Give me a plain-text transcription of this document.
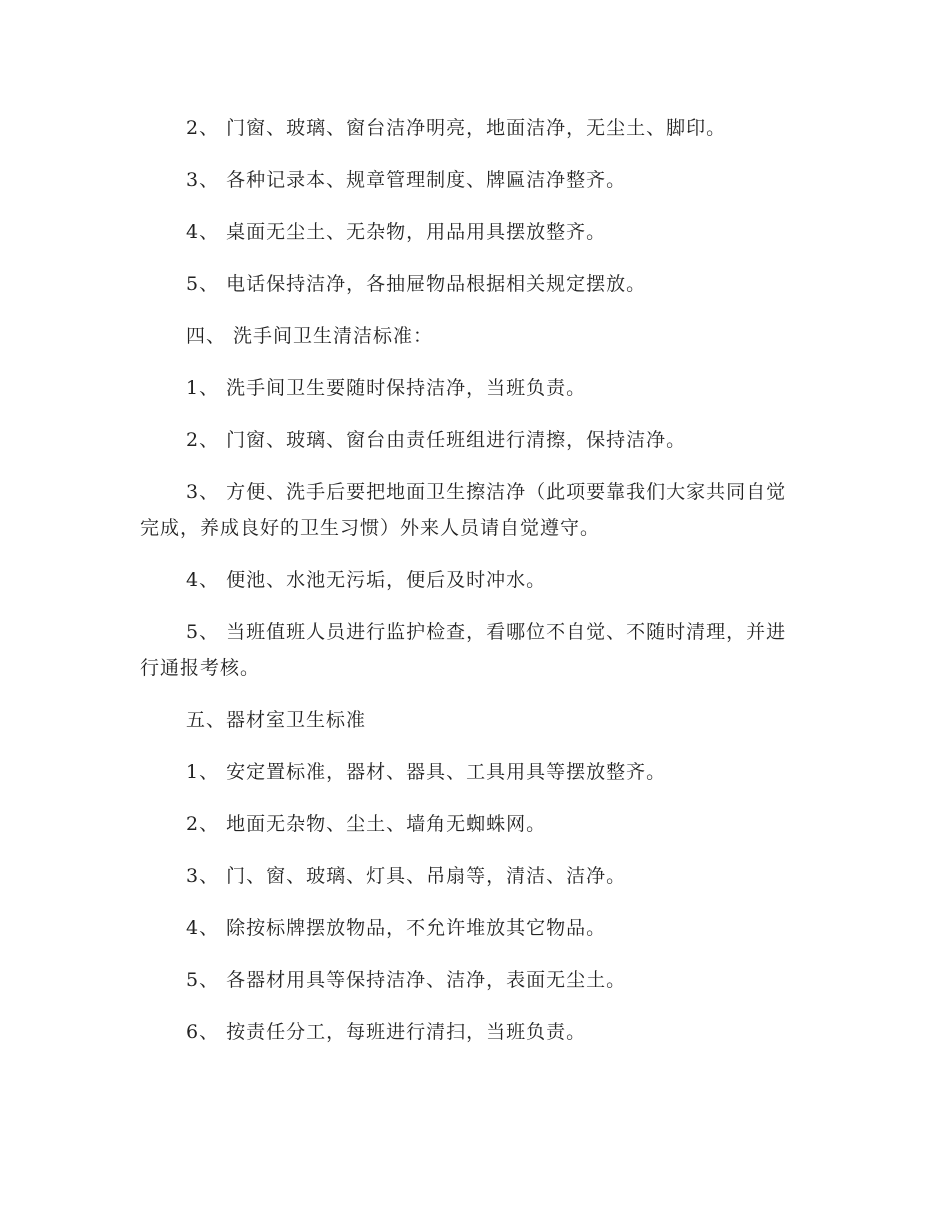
2、 门窗、玻璃、窗台洁净明亮，地面洁净，无尘土、脚印。

3、 各种记录本、规章管理制度、牌匾洁净整齐。

4、 桌面无尘土、无杂物，用品用具摆放整齐。

5、 电话保持洁净，各抽屉物品根据相关规定摆放。

四、 洗手间卫生清洁标准：

1、 洗手间卫生要随时保持洁净，当班负责。

2、 门窗、玻璃、窗台由责任班组进行清擦，保持洁净。

3、 方便、洗手后要把地面卫生擦洁净（此项要靠我们大家共同自觉完成，养成良好的卫生习惯）外来人员请自觉遵守。

4、 便池、水池无污垢，便后及时冲水。

5、 当班值班人员进行监护检查，看哪位不自觉、不随时清理，并进行通报考核。

五、器材室卫生标准

1、 安定置标准，器材、器具、工具用具等摆放整齐。

2、 地面无杂物、尘土、墙角无蜘蛛网。

3、 门、窗、玻璃、灯具、吊扇等，清洁、洁净。

4、 除按标牌摆放物品，不允许堆放其它物品。

5、 各器材用具等保持洁净、洁净，表面无尘土。

6、 按责任分工，每班进行清扫，当班负责。
